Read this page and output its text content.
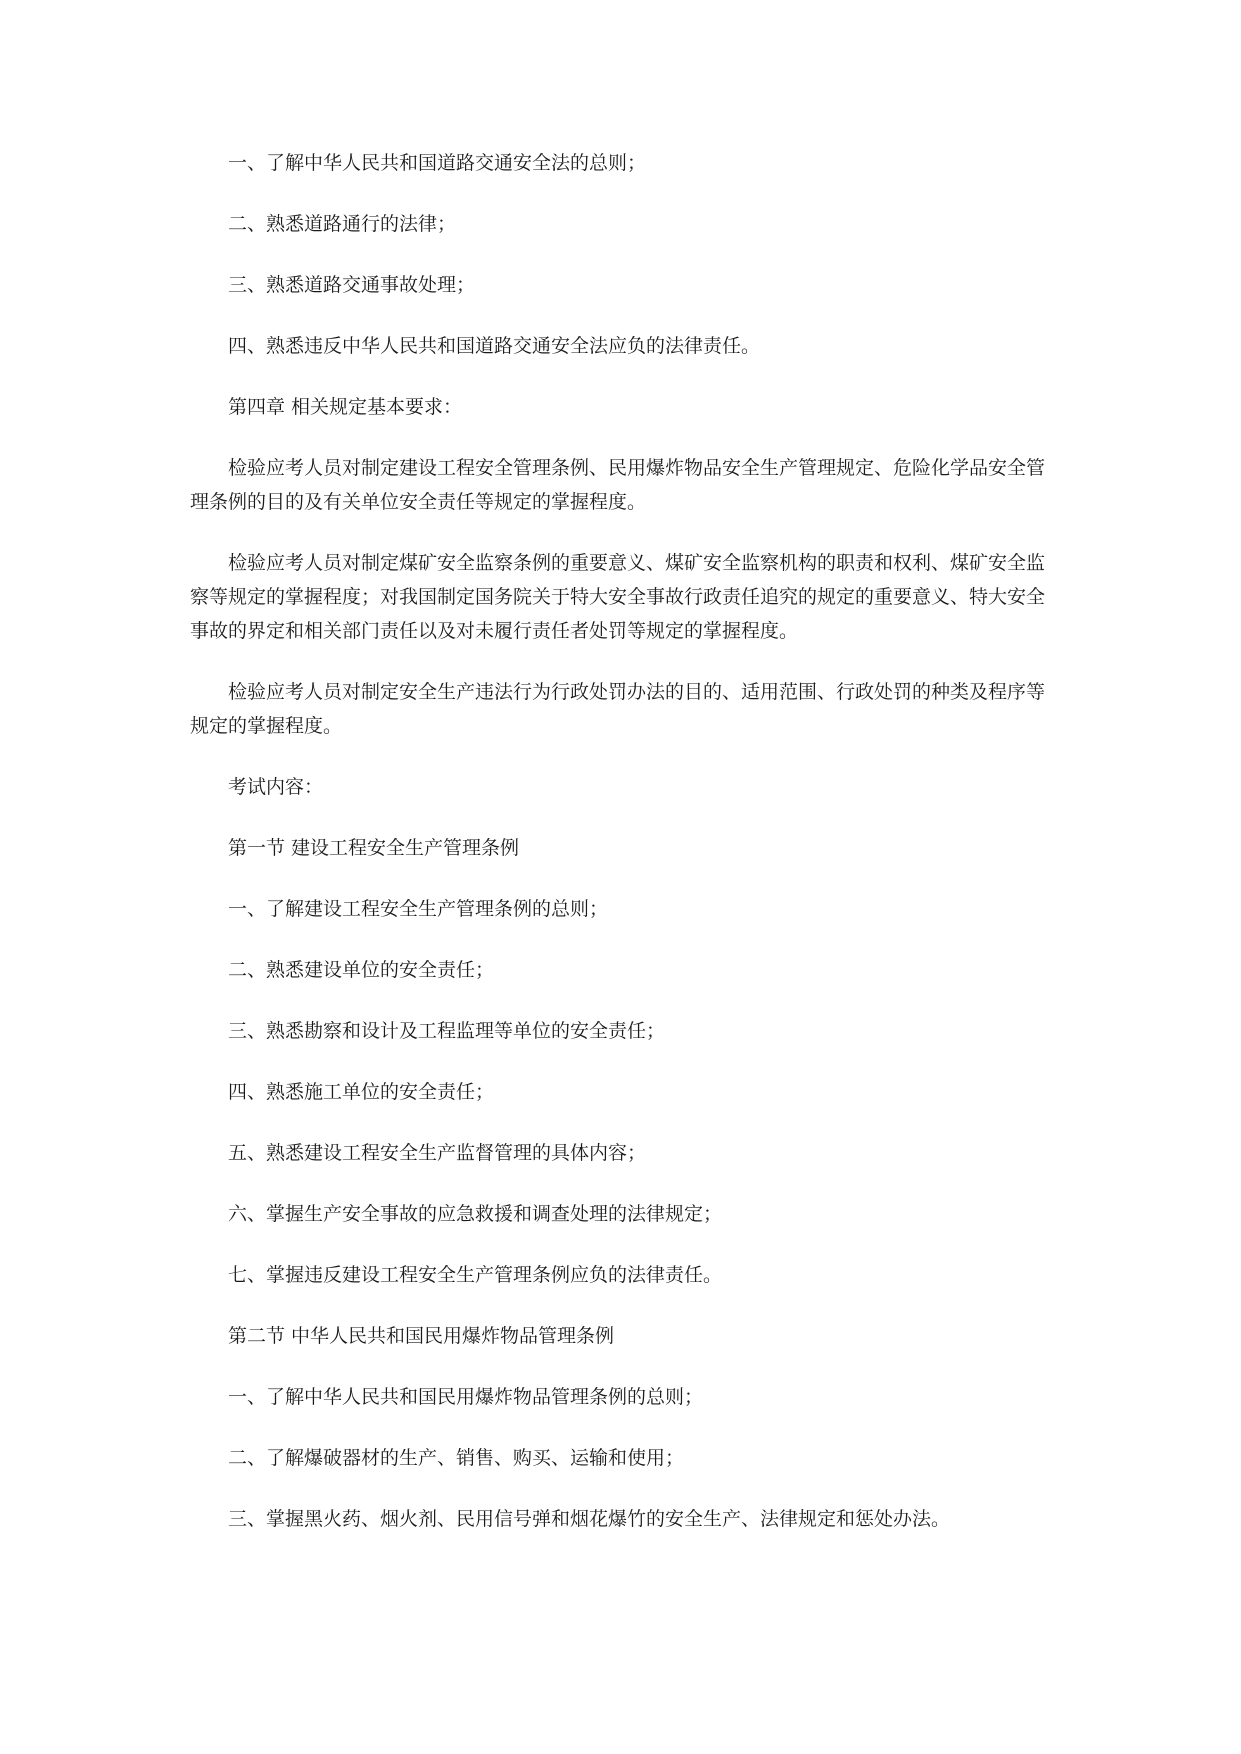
一、了解中华人民共和国道路交通安全法的总则；

二、熟悉道路通行的法律；

三、熟悉道路交通事故处理；

四、熟悉违反中华人民共和国道路交通安全法应负的法律责任。

第四章 相关规定基本要求：

检验应考人员对制定建设工程安全管理条例、民用爆炸物品安全生产管理规定、危险化学品安全管理条例的目的及有关单位安全责任等规定的掌握程度。

检验应考人员对制定煤矿安全监察条例的重要意义、煤矿安全监察机构的职责和权利、煤矿安全监察等规定的掌握程度；对我国制定国务院关于特大安全事故行政责任追究的规定的重要意义、特大安全事故的界定和相关部门责任以及对未履行责任者处罚等规定的掌握程度。

检验应考人员对制定安全生产违法行为行政处罚办法的目的、适用范围、行政处罚的种类及程序等规定的掌握程度。

考试内容：

第一节 建设工程安全生产管理条例

一、了解建设工程安全生产管理条例的总则；

二、熟悉建设单位的安全责任；

三、熟悉勘察和设计及工程监理等单位的安全责任；

四、熟悉施工单位的安全责任；

五、熟悉建设工程安全生产监督管理的具体内容；

六、掌握生产安全事故的应急救援和调查处理的法律规定；

七、掌握违反建设工程安全生产管理条例应负的法律责任。

第二节 中华人民共和国民用爆炸物品管理条例

一、了解中华人民共和国民用爆炸物品管理条例的总则；

二、了解爆破器材的生产、销售、购买、运输和使用；

三、掌握黑火药、烟火剂、民用信号弹和烟花爆竹的安全生产、法律规定和惩处办法。
